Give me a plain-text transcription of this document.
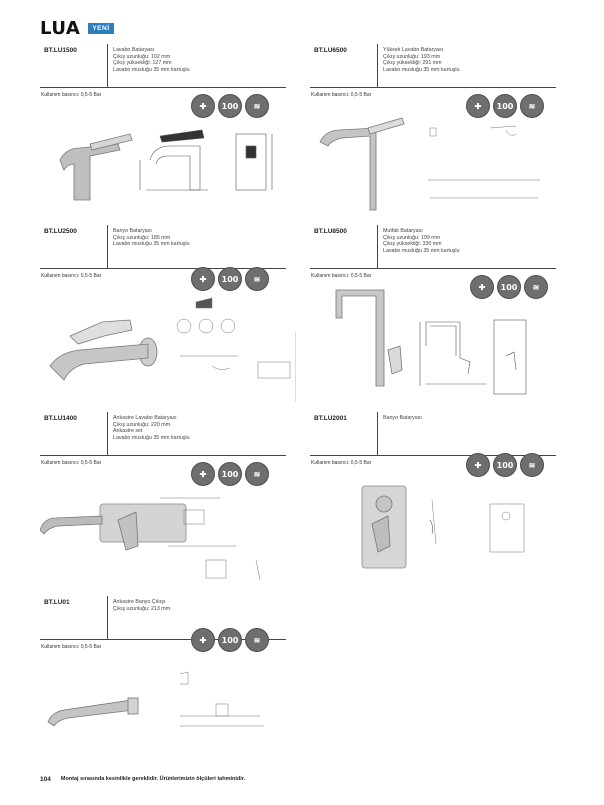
LUA	YENİ
BT.LU1500	Lavabo Bataryası
Çıkış uzunluğu: 102 mm
Çıkış yüksekliği: 127 mm
Lavabo musluğu 35 mm kartuşlu
Kullanım basıncı: 0,5-5 Bar
✚	100	≋
BT.LU6500	Yüksek Lavabo Bataryası
Çıkış uzunluğu: 193 mm
Çıkış yüksekliği: 291 mm
Lavabo musluğu 35 mm kartuşlu
Kullanım basıncı: 0,5-5 Bar
✚	100	≋
BT.LU2500	Banyo Bataryası
Çıkış uzunluğu: 185 mm
Lavabo musluğu 35 mm kartuşlu
Kullanım basıncı: 0,5-5 Bar	✚	100	≋
BT.LU8500	Mutfak Bataryası
Çıkış uzunluğu: 199 mm
Çıkış yüksekliği: 330 mm
Lavabo musluğu 35 mm kartuşlu
Kullanım basıncı: 0,5-5 Bar
✚	100	≋
BT.LU1400	Ankastre Lavabo Bataryası
Çıkış uzunluğu: 220 mm
Ankastre set
Lavabo musluğu 35 mm kartuşlu
Kullanım basıncı: 0,5-5 Bar
✚	100	≋
BT.LU2001	Banyo Bataryası
Kullanım basıncı: 0,5-5 Bar	✚	100	≋
BT.LU01	Ankastre Banyo Çıkışı
Çıkış uzunluğu: 213 mm
Kullanım basıncı: 0,5-5 Bar
✚	100	≋
104 Montaj sırasında kesinlikle gereklidir. Ürünlerimizin ölçüleri tahminidir.
